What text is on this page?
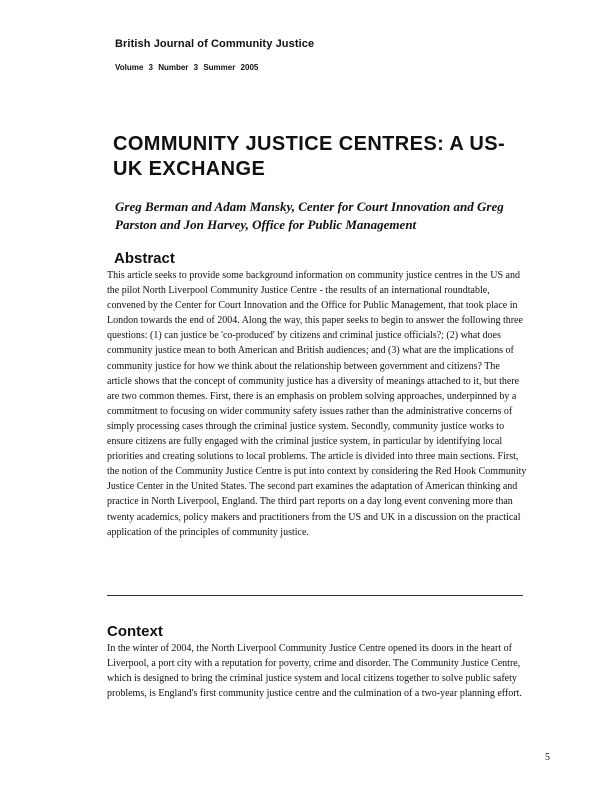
British Journal of Community Justice
Volume 3 Number 3 Summer 2005
COMMUNITY JUSTICE CENTRES: A US-UK EXCHANGE
Greg Berman and Adam Mansky, Center for Court Innovation and Greg Parston and Jon Harvey, Office for Public Management
Abstract

This article seeks to provide some background information on community justice centres in the US and the pilot North Liverpool Community Justice Centre - the results of an international roundtable, convened by the Center for Court Innovation and the Office for Public Management, that took place in London towards the end of 2004. Along the way, this paper seeks to begin to answer the following three questions: (1) can justice be 'co-produced' by citizens and criminal justice officials?; (2) what does community justice mean to both American and British audiences; and (3) what are the implications of community justice for how we think about the relationship between government and citizens? The article shows that the concept of community justice has a diversity of meanings attached to it, but there are two common themes. First, there is an emphasis on problem solving approaches, underpinned by a commitment to focusing on wider community safety issues rather than the administrative concerns of simply processing cases through the criminal justice system. Secondly, community justice works to ensure citizens are fully engaged with the criminal justice system, in particular by identifying local priorities and creating solutions to local problems. The article is divided into three main sections. First, the notion of the Community Justice Centre is put into context by considering the Red Hook Community Justice Center in the United States. The second part examines the adaptation of American thinking and practice in North Liverpool, England. The third part reports on a day long event convening more than twenty academics, policy makers and practitioners from the US and UK in a discussion on the practical application of the principles of community justice.

Context

In the winter of 2004, the North Liverpool Community Justice Centre opened its doors in the heart of Liverpool, a port city with a reputation for poverty, crime and disorder. The Community Justice Centre, which is designed to bring the criminal justice system and local citizens together to solve public safety problems, is England's first community justice centre and the culmination of a two-year planning effort.

5
